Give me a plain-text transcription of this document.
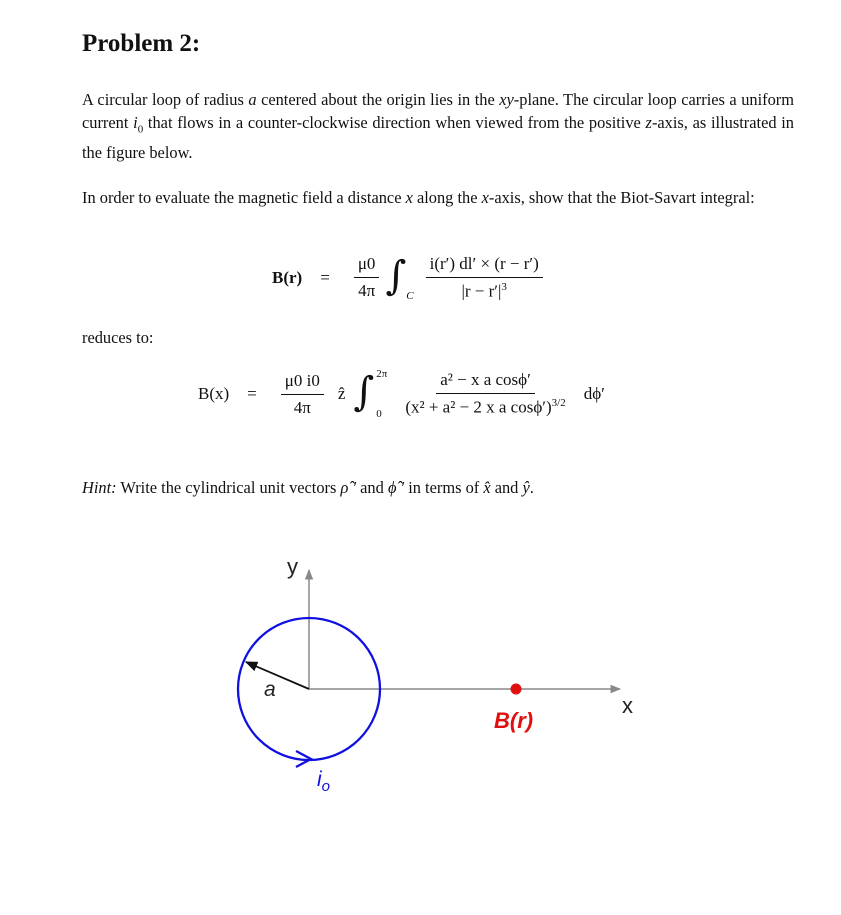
Problem 2:

A circular loop of radius a centered about the origin lies in the xy-plane. The circular loop carries a uniform current $i_0$ that flows in a counter-clockwise direction when viewed from the positive z-axis, as illustrated in the figure below.

In order to evaluate the magnetic field a distance x along the x-axis, show that the Biot-Savart integral:

$B(r) = \frac{\mu 0}{4\pi}$ ∫ C $\frac{i(r') dl' \times (r - r')}{|r - r'|^3}$

reduces to:

$B(x) = \frac{\mu 0 i0}{4\pi}$ ẑ ∫ 2π
0	$\frac{\text{a² − x a cosϕ′}}{(x^2 + a^2 - 2 x a \cos\phi')^{3/2}} d\phi'$

Hint: Write the cylindrical unit vectors ρ̂ ′ and ϕ̂ ′ in terms of x̂ and ŷ.

y
x
a
$i_o$
B(r)
